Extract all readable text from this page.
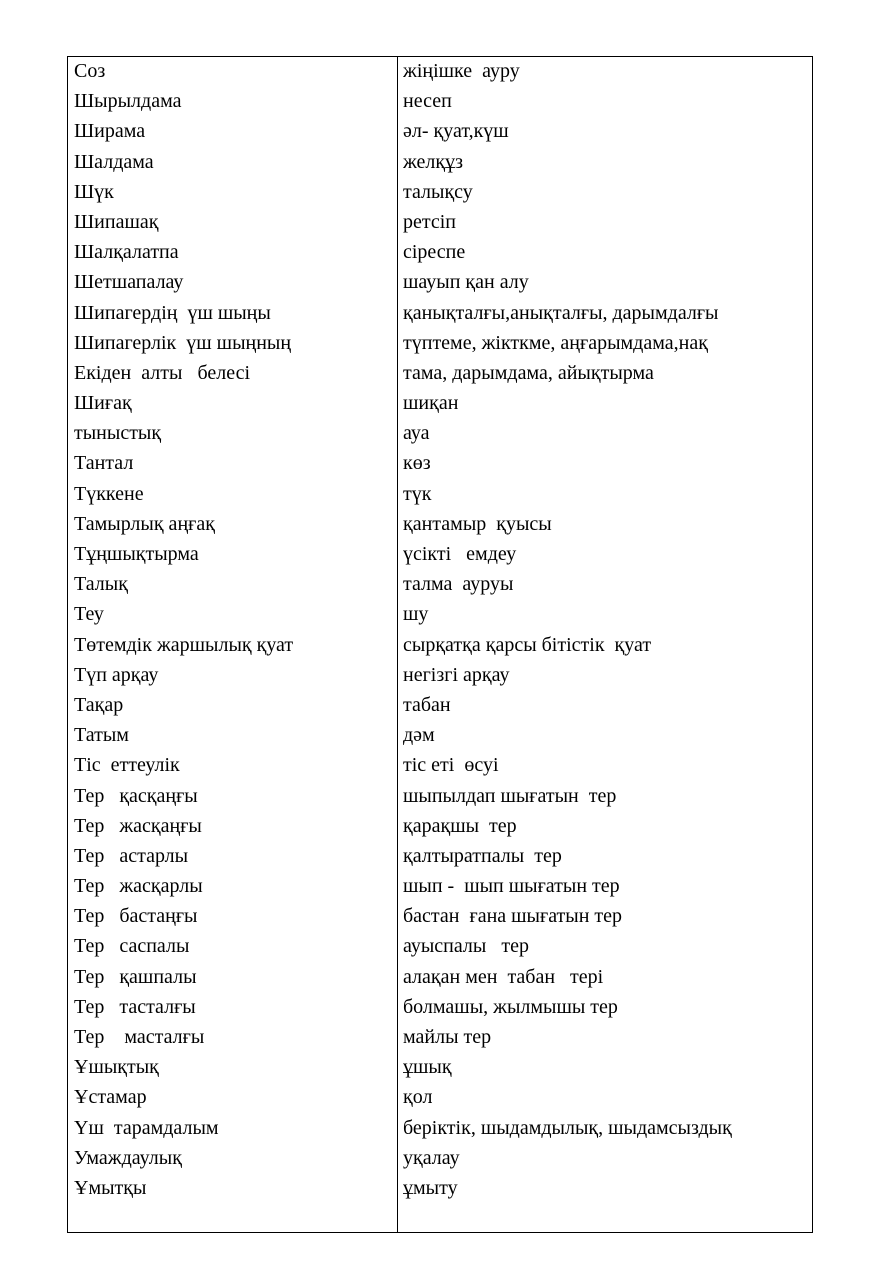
Соз	жіңішке  ауру
Шырылдама	несеп
Ширама	әл- қуат,күш
Шалдама	желқұз
Шүк	талықсу
Шипашақ	ретсіп
Шалқалатпа	сіреспе
Шетшапалау	шауып қан алу
Шипагердің  үш шыңы	қанықталғы,анықталғы, дарымдалғы
Шипагерлік  үш шыңның	түптеме, жікткме, аңғарымдама,нақ
Екіден  алты   белесі	тама, дарымдама, айықтырма
Шиғақ	шиқан
тыныстық	ауа
Тантал	көз
Түккене	түк
Тамырлық аңғақ	қантамыр  қуысы
Тұңшықтырма	үсікті   емдеу
Талық	талма  ауруы
Теу	шу
Төтемдік жаршылық қуат	сырқатқа қарсы бітістік  қуат
Түп арқау	негізгі арқау
Тақар	табан
Татым	дәм
Тіс  еттеулік	тіс еті  өсуі
Тер   қасқаңғы	шыпылдап шығатын  тер
Тер   жасқаңғы	қарақшы  тер
Тер   астарлы	қалтыратпалы  тер
Тер   жасқарлы	шып -  шып шығатын тер
Тер   бастаңғы	бастан  ғана шығатын тер
Тер   саспалы	ауыспалы   тер
Тер   қашпалы	алақан мен  табан   тері
Тер   тасталғы	болмашы, жылмышы тер
Тер    масталғы	майлы тер
Ұшықтық	ұшық
Ұстамар	қол
Үш  тарамдалым	беріктік, шыдамдылық, шыдамсыздық
Умаждаулық	уқалау
Ұмытқы	ұмыту
